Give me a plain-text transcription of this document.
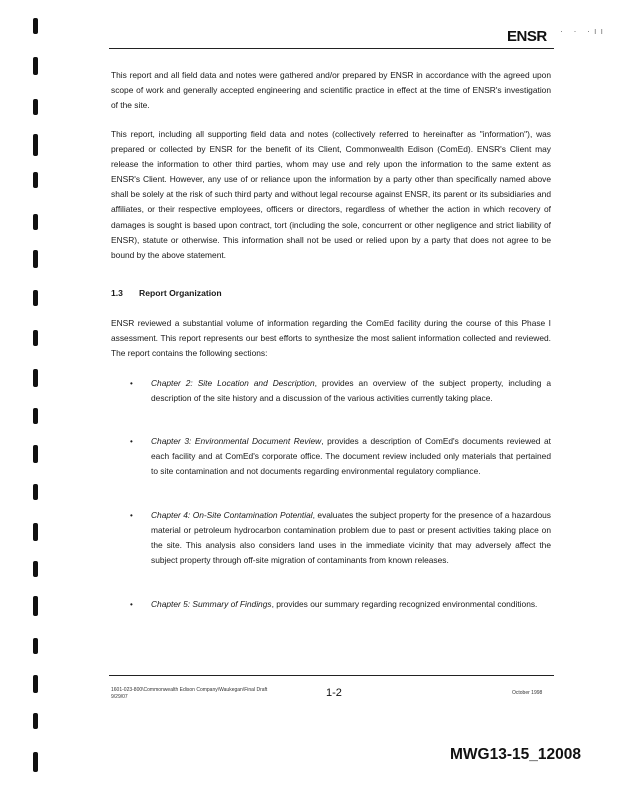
ENSR · · ·ıı

This report and all field data and notes were gathered and/or prepared by ENSR in accordance with the agreed upon scope of work and generally accepted engineering and scientific practice in effect at the time of ENSR's investigation of the site.

This report, including all supporting field data and notes (collectively referred to hereinafter as "information"), was prepared or collected by ENSR for the benefit of its Client, Commonwealth Edison (ComEd). ENSR's Client may release the information to other third parties, whom may use and rely upon the information to the same extent as ENSR's Client. However, any use of or reliance upon the information by a party other than specifically named above shall be solely at the risk of such third party and without legal recourse against ENSR, its parent or its subsidiaries and affiliates, or their respective employees, officers or directors, regardless of whether the action in which recovery of damages is sought is based upon contract, tort (including the sole, concurrent or other negligence and strict liability of ENSR), statute or otherwise. This information shall not be used or relied upon by a party that does not agree to be bound by the above statement.

1.3 Report Organization

ENSR reviewed a substantial volume of information regarding the ComEd facility during the course of this Phase I assessment. This report represents our best efforts to synthesize the most salient information collected and reviewed. The report contains the following sections:

• Chapter 2: Site Location and Description, provides an overview of the subject property, including a description of the site history and a discussion of the various activities currently taking place.
• Chapter 3: Environmental Document Review, provides a description of ComEd's documents reviewed at each facility and at ComEd's corporate office. The document review included only materials that pertained to site contamination and not documents regarding environmental regulatory compliance.
• Chapter 4: On-Site Contamination Potential, evaluates the subject property for the presence of a hazardous material or petroleum hydrocarbon contamination problem due to past or present activities taking place on the site. This analysis also considers land uses in the immediate vicinity that may adversely affect the subject property through off-site migration of contaminants from known releases.
• Chapter 5: Summary of Findings, provides our summary regarding recognized environmental conditions.
1601-023-800\Commonwealth Edison Company\Waukegan\Final Draft
9/29/07	1-2	October 1998
MWG13-15_12008
